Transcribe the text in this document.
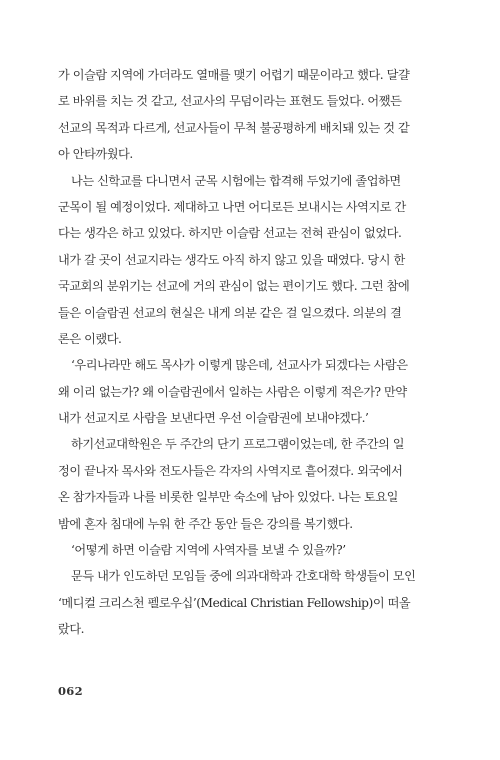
가 이슬람 지역에 가더라도 열매를 맺기 어렵기 때문이라고 했다. 달걀
로 바위를 치는 것 같고, 선교사의 무덤이라는 표현도 들었다. 어쨌든
선교의 목적과 다르게, 선교사들이 무척 불공평하게 배치돼 있는 것 같
아 안타까웠다.
나는 신학교를 다니면서 군목 시험에는 합격해 두었기에 졸업하면
군목이 될 예정이었다. 제대하고 나면 어디로든 보내시는 사역지로 간
다는 생각은 하고 있었다. 하지만 이슬람 선교는 전혀 관심이 없었다.
내가 갈 곳이 선교지라는 생각도 아직 하지 않고 있을 때였다. 당시 한
국교회의 분위기는 선교에 거의 관심이 없는 편이기도 했다. 그런 참에
들은 이슬람권 선교의 현실은 내게 의분 같은 걸 일으켰다. 의분의 결
론은 이랬다.
‘우리나라만 해도 목사가 이렇게 많은데, 선교사가 되겠다는 사람은
왜 이리 없는가? 왜 이슬람권에서 일하는 사람은 이렇게 적은가? 만약
내가 선교지로 사람을 보낸다면 우선 이슬람권에 보내야겠다.’
하기선교대학원은 두 주간의 단기 프로그램이었는데, 한 주간의 일
정이 끝나자 목사와 전도사들은 각자의 사역지로 흩어졌다. 외국에서
온 참가자들과 나를 비롯한 일부만 숙소에 남아 있었다. 나는 토요일
밤에 혼자 침대에 누워 한 주간 동안 들은 강의를 복기했다.
‘어떻게 하면 이슬람 지역에 사역자를 보낼 수 있을까?’
문득 내가 인도하던 모임들 중에 의과대학과 간호대학 학생들이 모인
‘메디컬 크리스천 펠로우십’(Medical Christian Fellowship)이 떠올
랐다.
062
